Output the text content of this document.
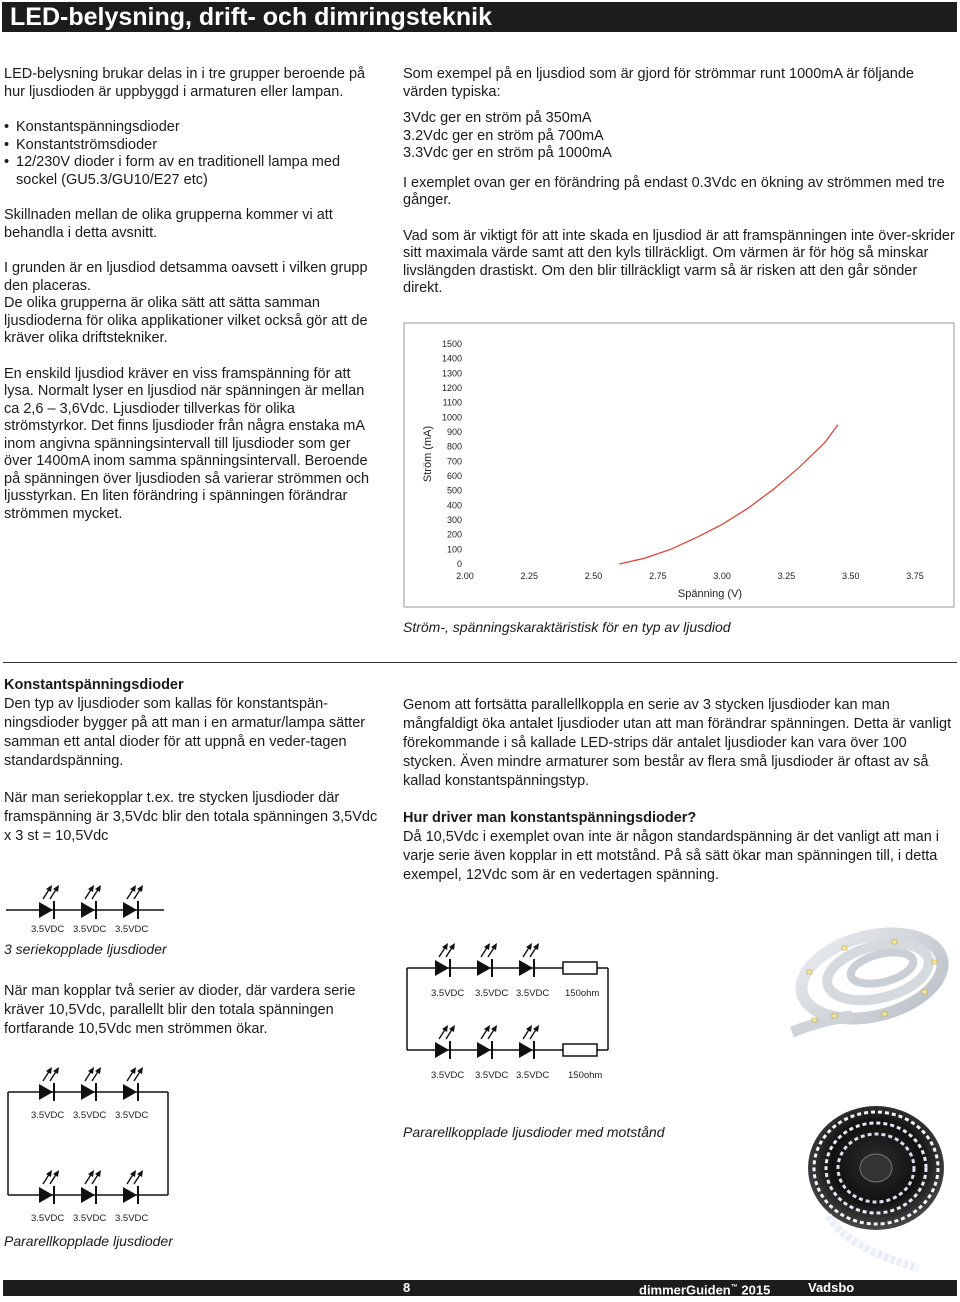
LED-belysning, drift- och dimringsteknik

LED-belysning brukar delas in i tre grupper beroende på hur ljusdioden är uppbyggd i armaturen eller lampan.

• Konstantspänningsdioder
• Konstantströmsdioder
• 12/230V dioder i form av en traditionell lampa med sockel (GU5.3/GU10/E27 etc)

Skillnaden mellan de olika grupperna kommer vi att behandla i detta avsnitt.

I grunden är en ljusdiod detsamma oavsett i vilken grupp den placeras.

De olika grupperna är olika sätt att sätta samman ljusdioderna för olika applikationer vilket också gör att de kräver olika driftstekniker.

En enskild ljusdiod kräver en viss framspänning för att lysa. Normalt lyser en ljusdiod när spänningen är mellan ca 2,6 – 3,6Vdc. Ljusdioder tillverkas för olika strömstyrkor. Det finns ljusdioder från några enstaka mA inom angivna spänningsintervall till ljusdioder som ger över 1400mA inom samma spänningsintervall. Beroende på spänningen över ljusdioden så varierar strömmen och ljusstyrkan. En liten förändring i spänningen förändrar strömmen mycket.

Som exempel på en ljusdiod som är gjord för strömmar runt 1000mA är följande värden typiska:

3Vdc ger en ström på 350mA
3.2Vdc ger en ström på 700mA
3.3Vdc ger en ström på 1000mA

I exemplet ovan ger en förändring på endast 0.3Vdc en ökning av strömmen med tre gånger.

Vad som är viktigt för att inte skada en ljusdiod är att framspänningen inte över-skrider sitt maximala värde samt att den kyls tillräckligt. Om värmen är för hög så minskar livslängden drastiskt. Om den blir tillräckligt varm så är risken att den går sönder direkt.

0
100
200
300
400
500
600
700
800
900
1000
1100
1200
1300
1400
1500
2.00	2.25	2.50	2.75	3.00	3.25	3.50	3.75
Spänning (V)
Ström (mA)
Ström-, spänningskaraktäristisk för en typ av ljusdiod
Konstantspänningsdioder

Den typ av ljusdioder som kallas för konstantspän-ningsdioder bygger på att man i en armatur/lampa sätter samman ett antal dioder för att uppnå en veder-tagen standardspänning.

När man seriekopplar t.ex. tre stycken ljusdioder där framspänning är 3,5Vdc blir den totala spänningen 3,5Vdc x 3 st = 10,5Vdc

3.5VDC 3.5VDC 3.5VDC
3 seriekopplade ljusdioder
När man kopplar två serier av dioder, där vardera serie kräver 10,5Vdc, parallellt blir den totala spänningen fortfarande 10,5Vdc men strömmen ökar.
3.5VDC 3.5VDC 3.5VDC
3.5VDC 3.5VDC 3.5VDC
Pararellkopplade ljusdioder

Genom att fortsätta parallellkoppla en serie av 3 stycken ljusdioder kan man mångfaldigt öka antalet ljusdioder utan att man förändrar spänningen. Detta är vanligt förekommande i så kallade LED-strips där antalet ljusdioder kan vara över 100 stycken. Även mindre armaturer som består av flera små ljusdioder är oftast av så kallad konstantspänningstyp.

Hur driver man konstantspänningsdioder?

Då 10,5Vdc i exemplet ovan inte är någon standardspänning är det vanligt att man i varje serie även kopplar in ett motstånd. På så sätt ökar man spänningen till, i detta exempel, 12Vdc som är en vedertagen spänning.

3.5VDC 3.5VDC 3.5VDC 150ohm
3.5VDC 3.5VDC 3.5VDC 150ohm
Pararellkopplade ljusdioder med motstånd
8	dimmerGuiden™ 2015	Vadsbo
